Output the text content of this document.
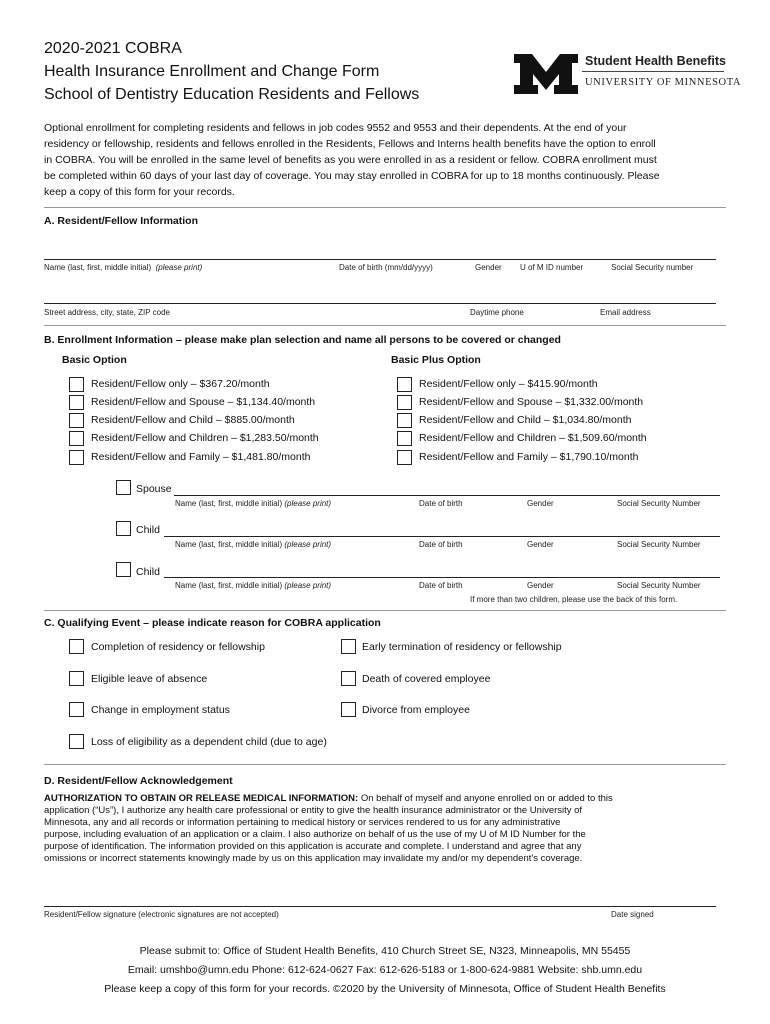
2020-2021 COBRA
Health Insurance Enrollment and Change Form
School of Dentistry Education Residents and Fellows
Student Health Benefits
UNIVERSITY OF MINNESOTA
Optional enrollment for completing residents and fellows in job codes 9552 and 9553 and their dependents. At the end of your
residency or fellowship, residents and fellows enrolled in the Residents, Fellows and Interns health benefits have the option to enroll
in COBRA. You will be enrolled in the same level of benefits as you were enrolled in as a resident or fellow. COBRA enrollment must
be completed within 60 days of your last day of coverage. You may stay enrolled in COBRA for up to 18 months continuously. Please
keep a copy of this form for your records.
A. Resident/Fellow Information
Name (last, first, middle initial) (please print)	Date of birth (mm/dd/yyyy)	Gender U of M ID number	Social Security number
Street address, city, state, ZIP code	Daytime phone	Email address
B. Enrollment Information – please make plan selection and name all persons to be covered or changed
Basic Option	Basic Plus Option
Resident/Fellow only – $367.20/month
Resident/Fellow and Spouse – $1,134.40/month
Resident/Fellow and Child – $885.00/month
Resident/Fellow and Children – $1,283.50/month
Resident/Fellow and Family – $1,481.80/month
Resident/Fellow only – $415.90/month
Resident/Fellow and Spouse – $1,332.00/month
Resident/Fellow and Child – $1,034.80/month
Resident/Fellow and Children – $1,509.60/month
Resident/Fellow and Family – $1,790.10/month
Spouse
Name (last, first, middle initial) (please print)	Date of birth	Gender	Social Security Number
Child
Name (last, first, middle initial) (please print)	Date of birth	Gender	Social Security Number
Child
Name (last, first, middle initial) (please print)	Date of birth	Gender	Social Security Number
If more than two children, please use the back of this form.
C. Qualifying Event – please indicate reason for COBRA application
Completion of residency or fellowship	Early termination of residency or fellowship
Eligible leave of absence	Death of covered employee
Change in employment status	Divorce from employee
Loss of eligibility as a dependent child (due to age)
D. Resident/Fellow Acknowledgement
AUTHORIZATION TO OBTAIN OR RELEASE MEDICAL INFORMATION: On behalf of myself and anyone enrolled on or added to this
application (“Us”), I authorize any health care professional or entity to give the health insurance administrator or the University of
Minnesota, any and all records or information pertaining to medical history or services rendered to us for any administrative
purpose, including evaluation of an application or a claim. I also authorize on behalf of us the use of my U of M ID Number for the
purpose of identification. The information provided on this application is accurate and complete. I understand and agree that any
omissions or incorrect statements knowingly made by us on this application may invalidate my and/or my dependent's coverage.
Resident/Fellow signature (electronic signatures are not accepted)	Date signed
Please submit to: Office of Student Health Benefits, 410 Church Street SE, N323, Minneapolis, MN 55455
Email: umshbo@umn.edu Phone: 612-624-0627 Fax: 612-626-5183 or 1-800-624-9881 Website: shb.umn.edu
Please keep a copy of this form for your records. ©2020 by the University of Minnesota, Office of Student Health Benefits
